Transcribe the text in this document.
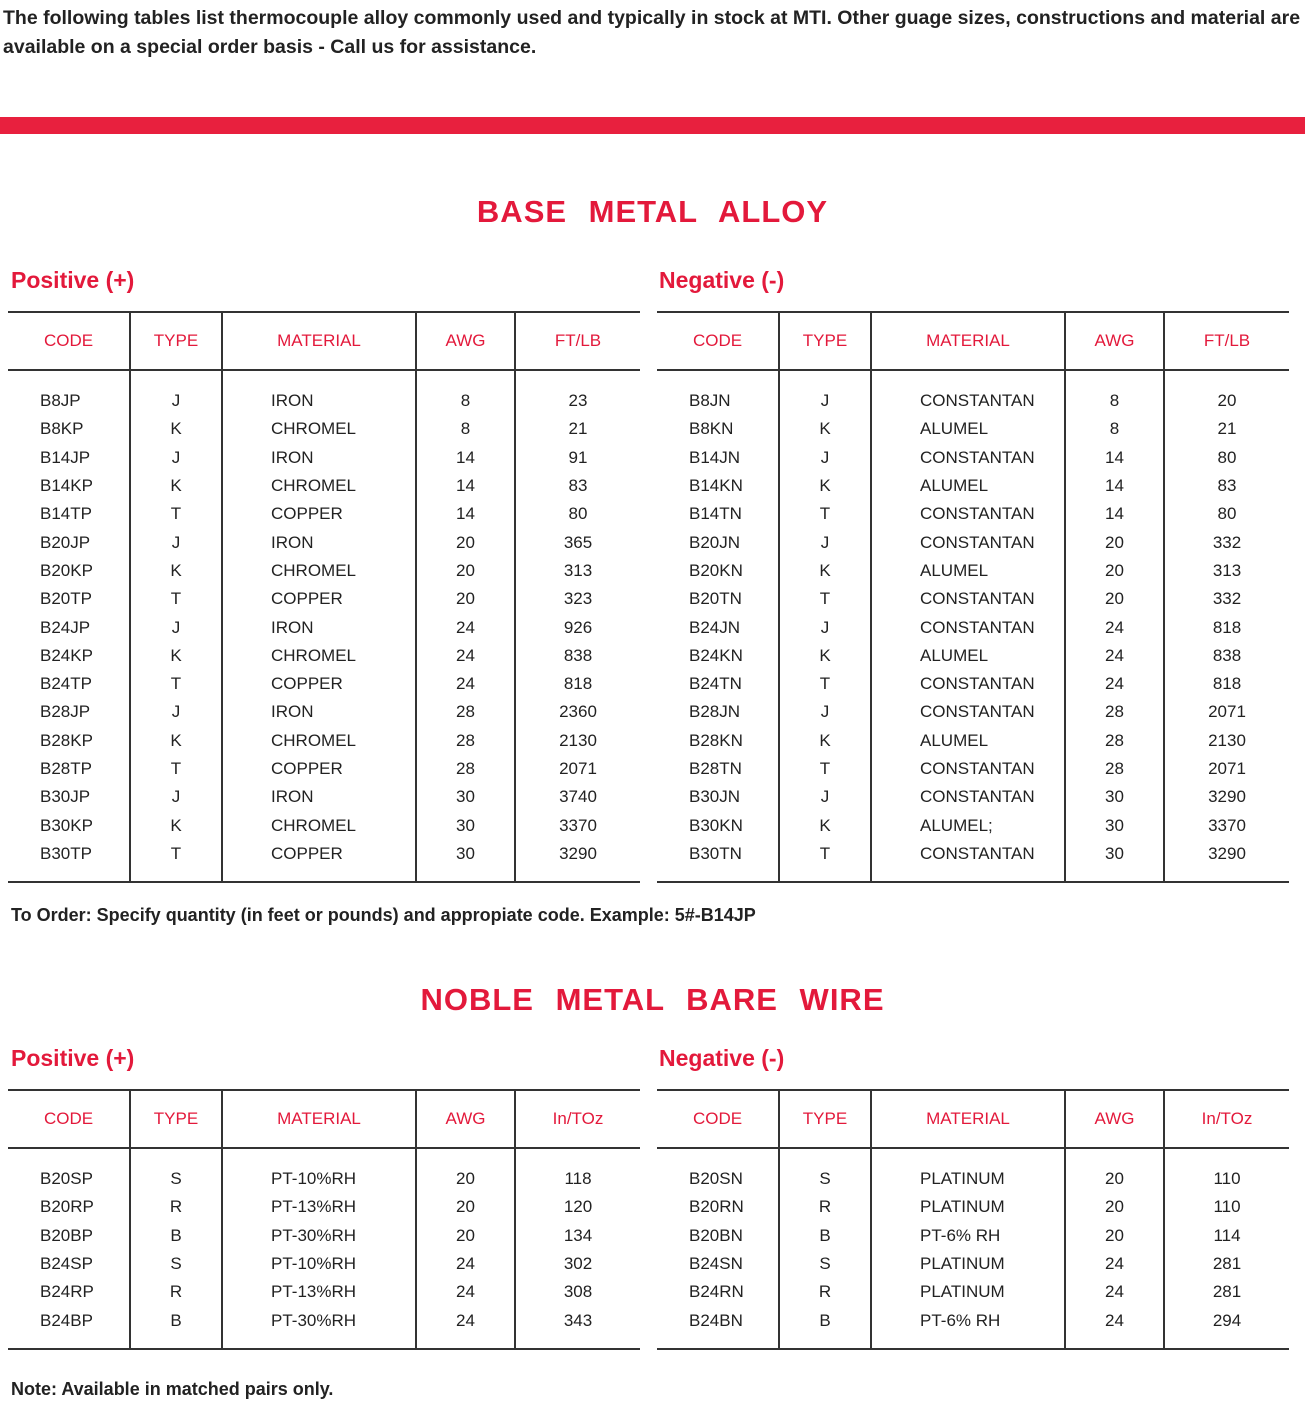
The following tables list thermocouple alloy commonly used and typically in stock at MTI. Other guage sizes, constructions and material are available on a special order basis - Call us for assistance.

BASE METAL ALLOY
Positive (+)	Negative (-)
CODE	TYPE	MATERIAL	AWG	FT/LB

B8JP	J	IRON	8	23
B8KP	K	CHROMEL	8	21
B14JP	J	IRON	14	91
B14KP	K	CHROMEL	14	83
B14TP	T	COPPER	14	80
B20JP	J	IRON	20	365
B20KP	K	CHROMEL	20	313
B20TP	T	COPPER	20	323
B24JP	J	IRON	24	926
B24KP	K	CHROMEL	24	838
B24TP	T	COPPER	24	818
B28JP	J	IRON	28	2360
B28KP	K	CHROMEL	28	2130
B28TP	T	COPPER	28	2071
B30JP	J	IRON	30	3740
B30KP	K	CHROMEL	30	3370
B30TP	T	COPPER	30	3290

CODE	TYPE	MATERIAL	AWG	FT/LB

B8JN	J	CONSTANTAN	8	20
B8KN	K	ALUMEL	8	21
B14JN	J	CONSTANTAN	14	80
B14KN	K	ALUMEL	14	83
B14TN	T	CONSTANTAN	14	80
B20JN	J	CONSTANTAN	20	332
B20KN	K	ALUMEL	20	313
B20TN	T	CONSTANTAN	20	332
B24JN	J	CONSTANTAN	24	818
B24KN	K	ALUMEL	24	838
B24TN	T	CONSTANTAN	24	818
B28JN	J	CONSTANTAN	28	2071
B28KN	K	ALUMEL	28	2130
B28TN	T	CONSTANTAN	28	2071
B30JN	J	CONSTANTAN	30	3290
B30KN	K	ALUMEL;	30	3370
B30TN	T	CONSTANTAN	30	3290

To Order: Specify quantity (in feet or pounds) and appropiate code. Example: 5#-B14JP

NOBLE METAL BARE WIRE
Positive (+)	Negative (-)
CODE	TYPE	MATERIAL	AWG	In/TOz

B20SP	S	PT-10%RH	20	118
B20RP	R	PT-13%RH	20	120
B20BP	B	PT-30%RH	20	134
B24SP	S	PT-10%RH	24	302
B24RP	R	PT-13%RH	24	308
B24BP	B	PT-30%RH	24	343

CODE	TYPE	MATERIAL	AWG	In/TOz

B20SN	S	PLATINUM	20	110
B20RN	R	PLATINUM	20	110
B20BN	B	PT-6% RH	20	114
B24SN	S	PLATINUM	24	281
B24RN	R	PLATINUM	24	281
B24BN	B	PT-6% RH	24	294

Note: Available in matched pairs only.
